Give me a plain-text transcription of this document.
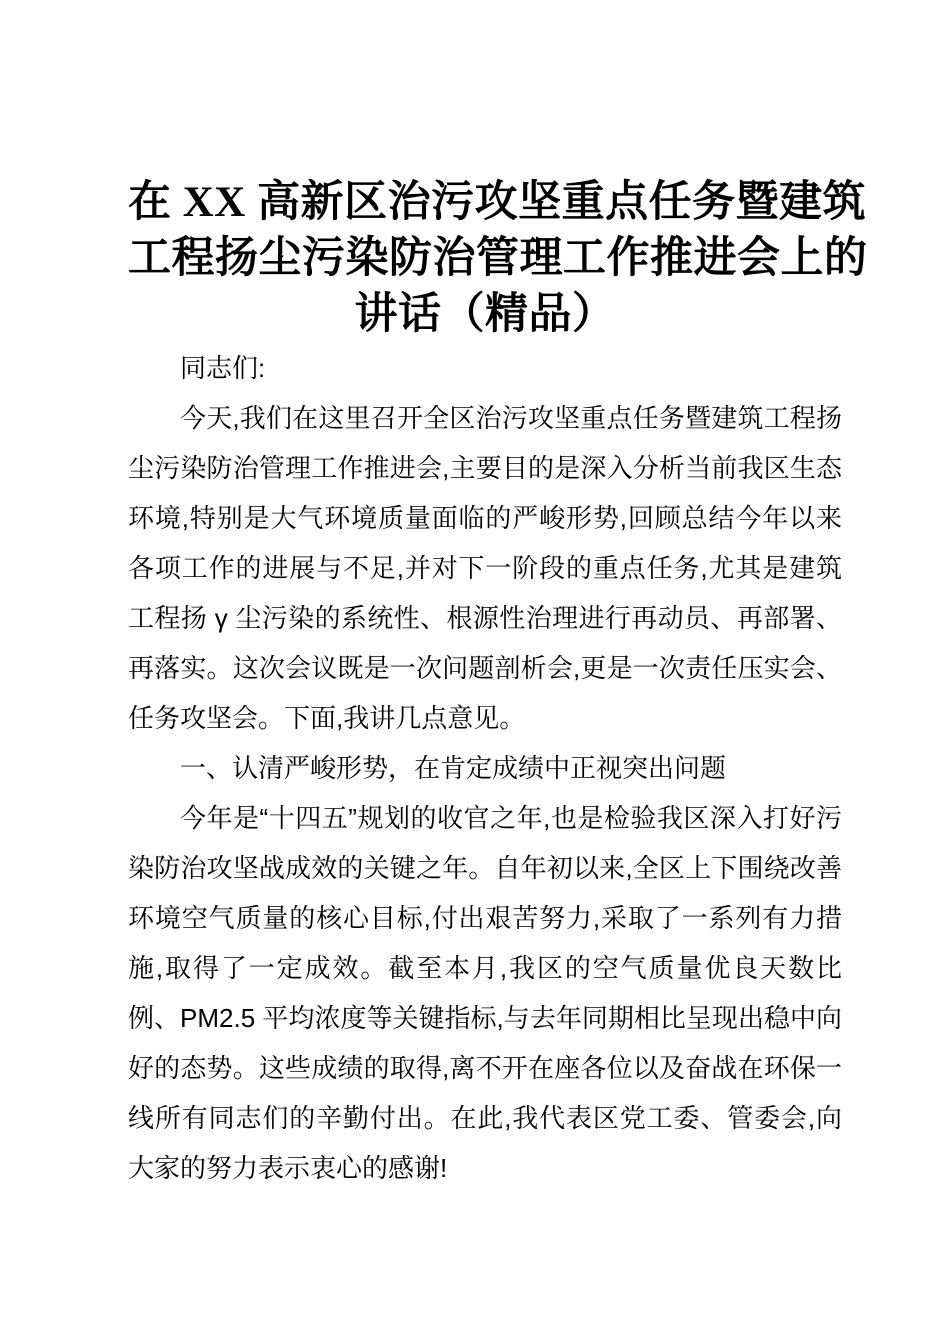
在 XX 高新区治污攻坚重点任务暨建筑
工程扬尘污染防治管理工作推进会上的
讲话（精品）

同志们:

今天,我们在这里召开全区治污攻坚重点任务暨建筑工程扬尘污染防治管理工作推进会,主要目的是深入分析当前我区生态环境,特别是大气环境质量面临的严峻形势,回顾总结今年以来各项工作的进展与不足,并对下一阶段的重点任务,尤其是建筑工程扬 γ 尘污染的系统性、根源性治理进行再动员、再部署、再落实。这次会议既是一次问题剖析会,更是一次责任压实会、任务攻坚会。下面,我讲几点意见。

一、认清严峻形势，在肯定成绩中正视突出问题

今年是“十四五”规划的收官之年,也是检验我区深入打好污染防治攻坚战成效的关键之年。自年初以来,全区上下围绕改善环境空气质量的核心目标,付出艰苦努力,采取了一系列有力措施,取得了一定成效。截至本月,我区的空气质量优良天数比例、PM2.5 平均浓度等关键指标,与去年同期相比呈现出稳中向好的态势。这些成绩的取得,离不开在座各位以及奋战在环保一线所有同志们的辛勤付出。在此,我代表区党工委、管委会,向大家的努力表示衷心的感谢!
